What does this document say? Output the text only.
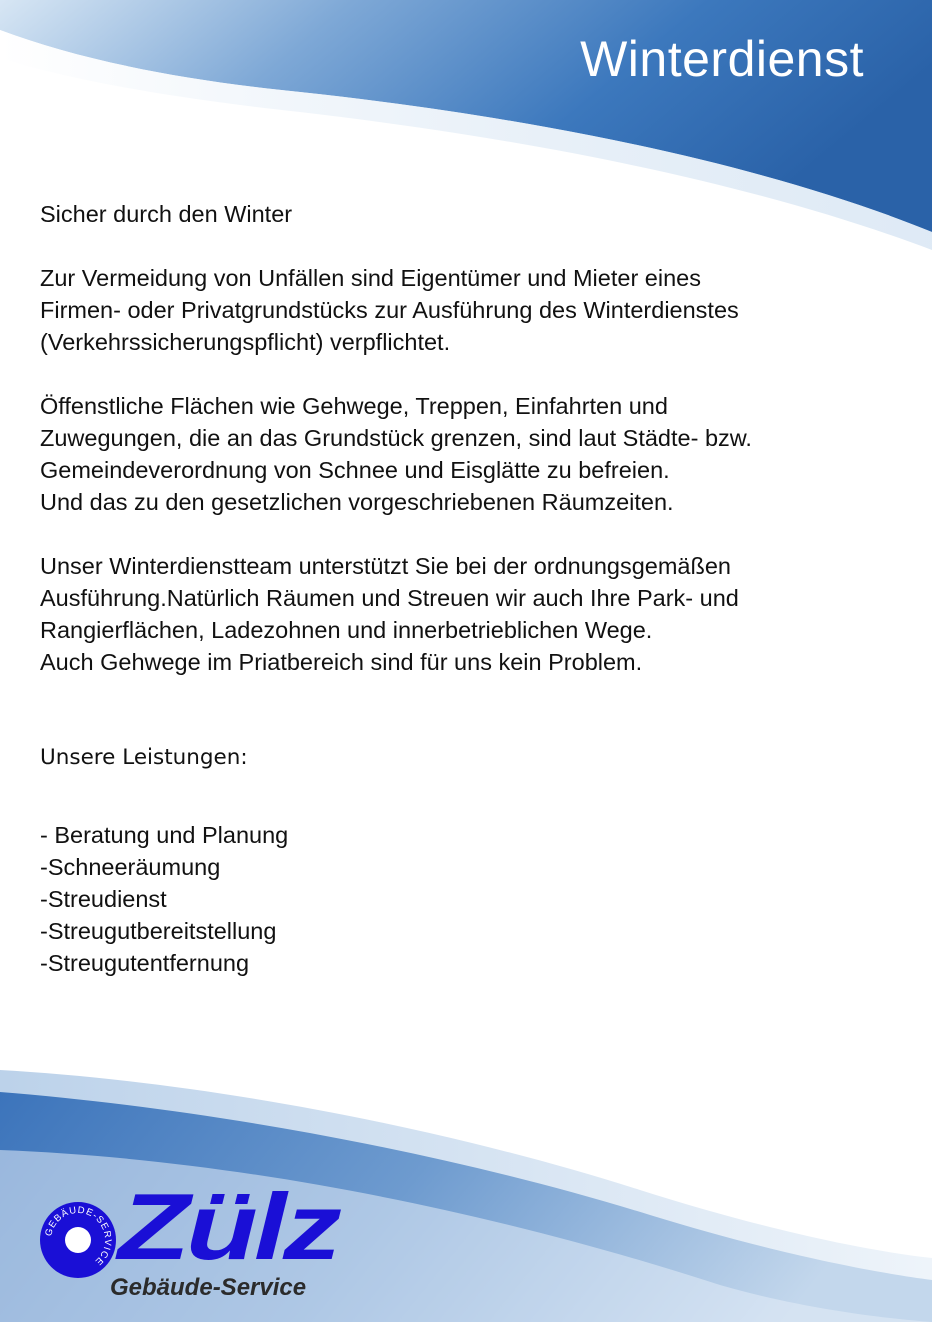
Winterdienst

Sicher durch den Winter

Zur Vermeidung von Unfällen sind Eigentümer und Mieter eines
Firmen- oder Privatgrundstücks zur Ausführung des Winterdienstes
(Verkehrssicherungspflicht) verpflichtet.

Öffenstliche Flächen wie Gehwege, Treppen, Einfahrten und
Zuwegungen, die an das Grundstück grenzen, sind laut Städte- bzw.
Gemeindeverordnung von Schnee und Eisglätte zu befreien.
Und das zu den gesetzlichen vorgeschriebenen Räumzeiten.

Unser Winterdienstteam unterstützt Sie bei der ordnungsgemäßen
Ausführung.Natürlich Räumen und Streuen wir auch Ihre Park- und
Rangierflächen, Ladezohnen und innerbetrieblichen Wege.
Auch Gehwege im Priatbereich sind für uns kein Problem.

Unsere Leistungen:

- Beratung und Planung
-Schneeräumung
-Streudienst
-Streugutbereitstellung
-Streugutentfernung

GEBÄUDE-SERVICE Zülz
Gebäude-Service
